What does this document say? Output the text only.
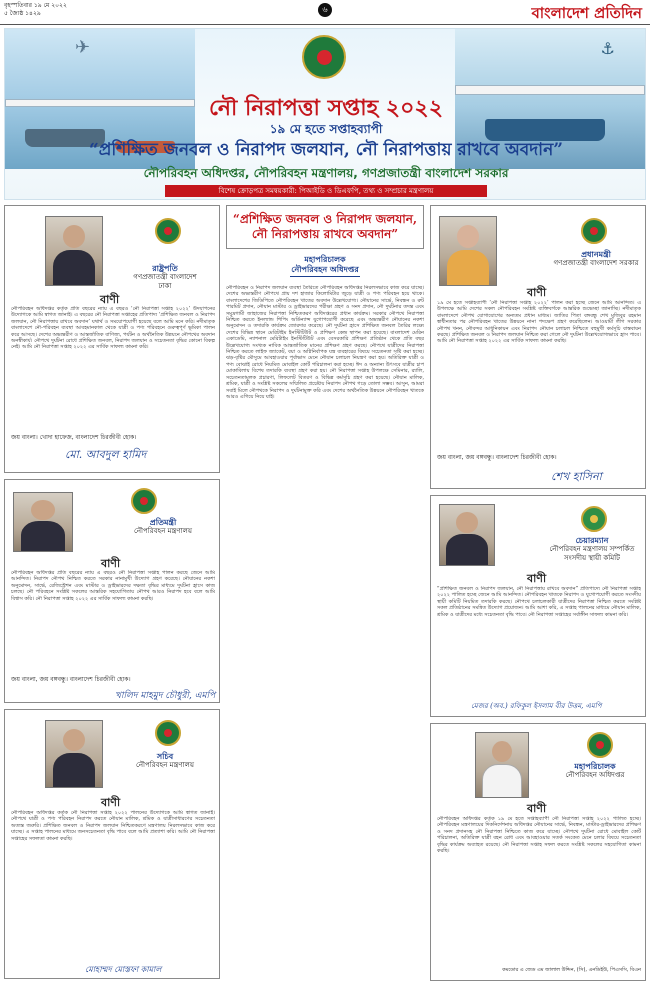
বৃহস্পতিবার ১৯ মে ২০২২
৫ জ্যৈষ্ঠ ১৪২৯	৬	বাংলাদেশ প্রতিদিন
✈	⚓
নৌ নিরাপত্তা সপ্তাহ ২০২২
১৯ মে হতে সপ্তাহব্যাপী
“প্রশিক্ষিত জনবল ও নিরাপদ জলযান, নৌ নিরাপত্তায় রাখবে অবদান”
নৌপরিবহন অধিদপ্তর, নৌপরিবহন মন্ত্রণালয়, গণপ্রজাতন্ত্রী বাংলাদেশ সরকার
বিশেষ ক্রোড়পত্র সমন্বয়কারী: পিআইডি ও ডিএফপি, তথ্য ও সম্প্রচার মন্ত্রণালয়
রাষ্ট্রপতি
গণপ্রজাতন্ত্রী বাংলাদেশ
ঢাকা
বাণী
নৌপরিবহন অধিদপ্তর কর্তৃক প্রতি বছরের ন্যায় এ বছরও ‘নৌ নিরাপত্তা সপ্তাহ ২০২২’ উদযাপনের উদ্যোগকে আমি স্বাগত জানাই। এ বছরের নৌ নিরাপত্তা সপ্তাহের প্রতিপাদ্য ‘প্রশিক্ষিত জনবল ও নিরাপদ জলযান, নৌ নিরাপত্তায় রাখবে অবদান’ যথার্থ ও সময়োপযোগী হয়েছে বলে আমি মনে করি। নদীমাতৃক বাংলাদেশে নৌ-পরিবহন ব্যবস্থা আবহমানকাল থেকে যাত্রী ও পণ্য পরিবহনে গুরুত্বপূর্ণ ভূমিকা পালন করে আসছে। দেশের অভ্যন্তরীণ ও আন্তর্জাতিক বাণিজ্য, পর্যটন ও অর্থনৈতিক উন্নয়নে নৌপথের অবদান অনস্বীকার্য। নৌপথে দুর্ঘটনা রোধে প্রশিক্ষিত জনবল, নিরাপদ জলযান ও সচেতনতা বৃদ্ধির কোনো বিকল্প নেই। আমি নৌ নিরাপত্তা সপ্তাহ ২০২২ এর সার্বিক সাফল্য কামনা করি।
জয় বাংলা। খোদা হাফেজ, বাংলাদেশ চিরজীবী হোক।
মো. আবদুল হামিদ
প্রতিমন্ত্রী
নৌপরিবহন মন্ত্রণালয়
বাণী
নৌপরিবহন অধিদপ্তর প্রতি বছরের ন্যায় এ বছরও নৌ নিরাপত্তা সপ্তাহ পালন করছে জেনে আমি আনন্দিত। নিরাপদ নৌপথ নিশ্চিত করতে সরকার নানামুখী উদ্যোগ গ্রহণ করেছে। নৌযানের নকশা অনুমোদন, সার্ভে, রেজিস্ট্রেশন এবং মাস্টার ও ড্রাইভারদের দক্ষতা বৃদ্ধির মাধ্যমে দুর্ঘটনা হ্রাসে কাজ চলছে। নৌ পরিবহনে সংশ্লিষ্ট সকলের আন্তরিক সহযোগিতায় নৌপথ আরও নিরাপদ হবে বলে আমি বিশ্বাস করি। নৌ নিরাপত্তা সপ্তাহ ২০২২ এর সার্বিক সাফল্য কামনা করছি।
জয় বাংলা, জয় বঙ্গবন্ধু। বাংলাদেশ চিরজীবী হোক।
খালিদ মাহমুদ চৌধুরী, এমপি
সচিব
নৌপরিবহন মন্ত্রণালয়
বাণী
নৌপরিবহন অধিদপ্তর কর্তৃক নৌ নিরাপত্তা সপ্তাহ ২০২২ পালনের উদ্যোগকে আমি স্বাগত জানাই। নৌপথে যাত্রী ও পণ্য পরিবহন নিরাপদ করতে নৌযান মালিক, শ্রমিক ও যাত্রীসাধারণের সচেতনতা অত্যন্ত জরুরি। প্রশিক্ষিত জনবল ও নিরাপদ জলযান নিশ্চিতকরণে মন্ত্রণালয় নিরলসভাবে কাজ করে যাচ্ছে। এ সপ্তাহ পালনের মাধ্যমে জনসচেতনতা বৃদ্ধি পাবে বলে আমি প্রত্যাশা করি। আমি নৌ নিরাপত্তা সপ্তাহের সফলতা কামনা করছি।
মোহাম্মদ মোস্তফা কামাল
“প্রশিক্ষিত জনবল ও নিরাপদ জলযান, নৌ নিরাপত্তায় রাখবে অবদান”
মহাপরিচালক
নৌপরিবহন অধিদপ্তর
নৌপরিবহন ও নিরাপদ জলযান ব্যবস্থা তৈরিতে নৌপরিবহন অধিদপ্তর নিরলসভাবে কাজ করে যাচ্ছে। দেশের অভ্যন্তরীণ নৌপথে প্রায় দশ হাজার কিলোমিটার জুড়ে যাত্রী ও পণ্য পরিবহন হয়ে থাকে। বাংলাদেশের জিডিপিতে নৌপরিবহন খাতের অবদান উল্লেখযোগ্য। নৌযানের সার্ভে, নিবন্ধন ও রুট পারমিট প্রদান, নৌযান মাস্টার ও ড্রাইভারদের পরীক্ষা গ্রহণ ও সনদ প্রদান, নৌ দুর্ঘটনার তদন্ত এবং সমুদ্রগামী জাহাজের নিরাপত্তা নিশ্চিতকরণ অধিদপ্তরের প্রধান কার্যক্রম। সরকার নৌপথে নিরাপত্তা নিশ্চিত করতে ইনল্যান্ড শিপিং অর্ডিন্যান্স যুগোপযোগী করেছে এবং অভ্যন্তরীণ নৌযানের নকশা অনুমোদন ও তদারকি কার্যক্রম জোরদার করেছে। নৌ দুর্ঘটনা হ্রাসে প্রশিক্ষিত জনবল তৈরির লক্ষ্যে দেশের বিভিন্ন স্থানে মেরিটাইম ইনস্টিটিউট ও প্রশিক্ষণ কেন্দ্র স্থাপন করা হয়েছে। বাংলাদেশ মেরিন একাডেমি, ন্যাশনাল মেরিটাইম ইনস্টিটিউট এবং বেসরকারি প্রশিক্ষণ প্রতিষ্ঠান থেকে প্রতি বছর উল্লেখযোগ্য সংখ্যক নাবিক আন্তর্জাতিক মানের প্রশিক্ষণ গ্রহণ করছে। নৌপথে যাত্রীদের নিরাপত্তা নিশ্চিত করতে লাইফ জ্যাকেট, বয়া ও অগ্নিনির্বাপক যন্ত্র ব্যবহারের বিষয়ে সচেতনতা সৃষ্টি করা হচ্ছে। ঝড়-বৃষ্টির মৌসুমে আবহাওয়ার পূর্বাভাস মেনে নৌযান চলাচল নিয়ন্ত্রণ করা হয়। অতিরিক্ত যাত্রী ও পণ্য বোঝাই রোধে নিয়মিত মোবাইল কোর্ট পরিচালনা করা হচ্ছে। ঈদ ও অন্যান্য উৎসবে যাত্রীর চাপ মোকাবিলায় বিশেষ তদারকি ব্যবস্থা গ্রহণ করা হয়। নৌ নিরাপত্তা সপ্তাহ উপলক্ষে সেমিনার, র‍্যালি, সচেতনতামূলক প্রচারণা, লিফলেট বিতরণ ও বিভিন্ন কর্মসূচি গ্রহণ করা হয়েছে। নৌযান মালিক, শ্রমিক, যাত্রী ও সংশ্লিষ্ট সকলের সম্মিলিত প্রচেষ্টায় নিরাপদ নৌপথ গড়ে তোলা সম্ভব। আসুন, আমরা সবাই মিলে নৌপথকে নিরাপদ ও দুর্ঘটনামুক্ত করি এবং দেশের অর্থনৈতিক উন্নয়নে নৌপরিবহন খাতকে আরও এগিয়ে নিয়ে যাই।
প্রধানমন্ত্রী
গণপ্রজাতন্ত্রী বাংলাদেশ সরকার
বাণী
১৯ মে হতে সপ্তাহব্যাপী ‘নৌ নিরাপত্তা সপ্তাহ ২০২২’ পালন করা হচ্ছে জেনে আমি আনন্দিত। এ উপলক্ষে আমি দেশের সকল নৌপরিবহন সংশ্লিষ্ট ব্যক্তিবর্গকে আন্তরিক শুভেচ্ছা জানাচ্ছি। নদীমাতৃক বাংলাদেশে নৌপথ যোগাযোগের অন্যতম প্রধান মাধ্যম। জাতির পিতা বঙ্গবন্ধু শেখ মুজিবুর রহমান স্বাধীনতার পর নৌপরিবহন খাতের উন্নয়নে নানা পদক্ষেপ গ্রহণ করেছিলেন। আওয়ামী লীগ সরকার নৌপথ খনন, নৌবন্দর আধুনিকায়ন এবং নিরাপদ নৌযান চলাচল নিশ্চিতে বহুমুখী কর্মসূচি বাস্তবায়ন করছে। প্রশিক্ষিত জনবল ও নিরাপদ জলযান নিশ্চিত করা গেলে নৌ দুর্ঘটনা উল্লেখযোগ্যভাবে হ্রাস পাবে। আমি নৌ নিরাপত্তা সপ্তাহ ২০২২ এর সার্বিক সাফল্য কামনা করছি।
জয় বাংলা, জয় বঙ্গবন্ধু। বাংলাদেশ চিরজীবী হোক।
শেখ হাসিনা
চেয়ারম্যান
নৌপরিবহন মন্ত্রণালয় সম্পর্কিত সংসদীয় স্থায়ী কমিটি
বাণী
“প্রশিক্ষিত জনবল ও নিরাপদ জলযান, নৌ নিরাপত্তায় রাখবে অবদান” প্রতিপাদ্যে নৌ নিরাপত্তা সপ্তাহ ২০২২ পালিত হচ্ছে জেনে আমি আনন্দিত। নৌপরিবহন খাতকে নিরাপদ ও যুগোপযোগী করতে সংসদীয় স্থায়ী কমিটি নিয়মিত তদারকি করছে। নৌপথে চলাচলকারী যাত্রীদের নিরাপত্তা নিশ্চিত করতে সংশ্লিষ্ট সকল প্রতিষ্ঠানের সমন্বিত উদ্যোগ প্রয়োজন। আমি আশা করি, এ সপ্তাহ পালনের মাধ্যমে নৌযান মালিক, শ্রমিক ও যাত্রীদের মধ্যে সচেতনতা বৃদ্ধি পাবে। নৌ নিরাপত্তা সপ্তাহের সর্বাঙ্গীন সাফল্য কামনা করি।
মেজর (অব.) রফিকুল ইসলাম বীর উত্তম, এমপি
মহাপরিচালক
নৌপরিবহন অধিদপ্তর
বাণী
নৌপরিবহন অধিদপ্তর কর্তৃক ১৯ মে হতে সপ্তাহব্যাপী নৌ নিরাপত্তা সপ্তাহ ২০২২ পালিত হচ্ছে। নৌপরিবহন মন্ত্রণালয়ের দিকনির্দেশনায় অধিদপ্তর নৌযানের সার্ভে, নিবন্ধন, মাস্টার-ড্রাইভারদের প্রশিক্ষণ ও সনদ প্রদানসহ নৌ নিরাপত্তা নিশ্চিতে কাজ করে যাচ্ছে। নৌপথে দুর্ঘটনা রোধে মোবাইল কোর্ট পরিচালনা, অতিরিক্ত যাত্রী বহন রোধ এবং আবহাওয়ার সতর্ক সংকেত মেনে চলার বিষয়ে সচেতনতা বৃদ্ধির কার্যক্রম অব্যাহত রয়েছে। নৌ নিরাপত্তা সপ্তাহ সফল করতে সংশ্লিষ্ট সকলের সহযোগিতা কামনা করছি।
কমডোর এ জেড এম জালাল উদ্দিন, (সি), এনডিইউ, পিএসসি, বিএন
